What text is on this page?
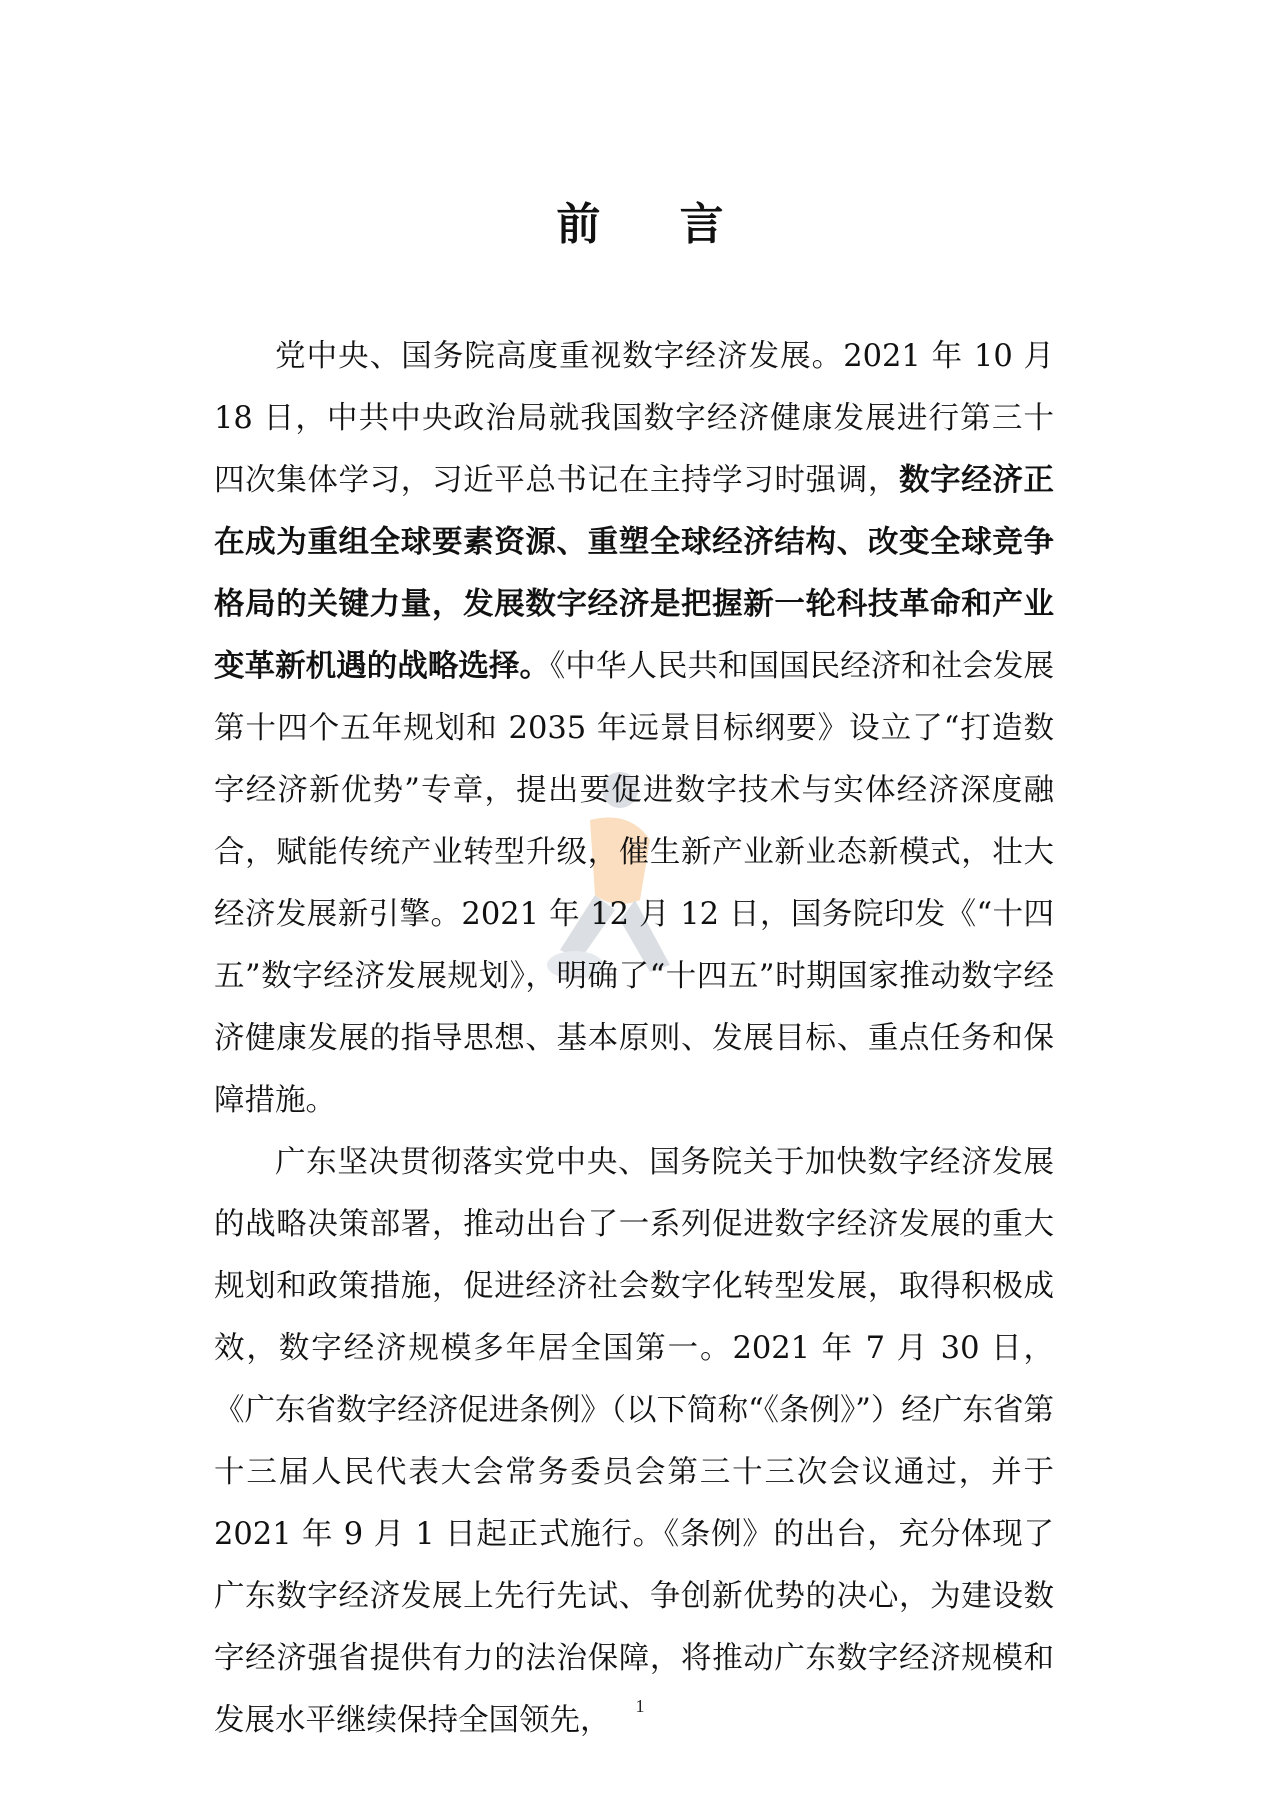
前 言

党中央、国务院高度重视数字经济发展。2021 年 10 月 18 日，中共中央政治局就我国数字经济健康发展进行第三十四次集体学习，习近平总书记在主持学习时强调，数字经济正在成为重组全球要素资源、重塑全球经济结构、改变全球竞争格局的关键力量，发展数字经济是把握新一轮科技革命和产业变革新机遇的战略选择。《中华人民共和国国民经济和社会发展第十四个五年规划和 2035 年远景目标纲要》设立了“打造数字经济新优势”专章，提出要促进数字技术与实体经济深度融合，赋能传统产业转型升级，催生新产业新业态新模式，壮大经济发展新引擎。2021 年 12 月 12 日，国务院印发《“十四五”数字经济发展规划》，明确了“十四五”时期国家推动数字经济健康发展的指导思想、基本原则、发展目标、重点任务和保障措施。

广东坚决贯彻落实党中央、国务院关于加快数字经济发展的战略决策部署，推动出台了一系列促进数字经济发展的重大规划和政策措施，促进经济社会数字化转型发展，取得积极成效，数字经济规模多年居全国第一。2021 年 7 月 30 日，《广东省数字经济促进条例》（以下简称“《条例》”）经广东省第十三届人民代表大会常务委员会第三十三次会议通过，并于 2021 年 9 月 1 日起正式施行。《条例》的出台，充分体现了广东数字经济发展上先行先试、争创新优势的决心，为建设数字经济强省提供有力的法治保障，将推动广东数字经济规模和发展水平继续保持全国领先，	1
